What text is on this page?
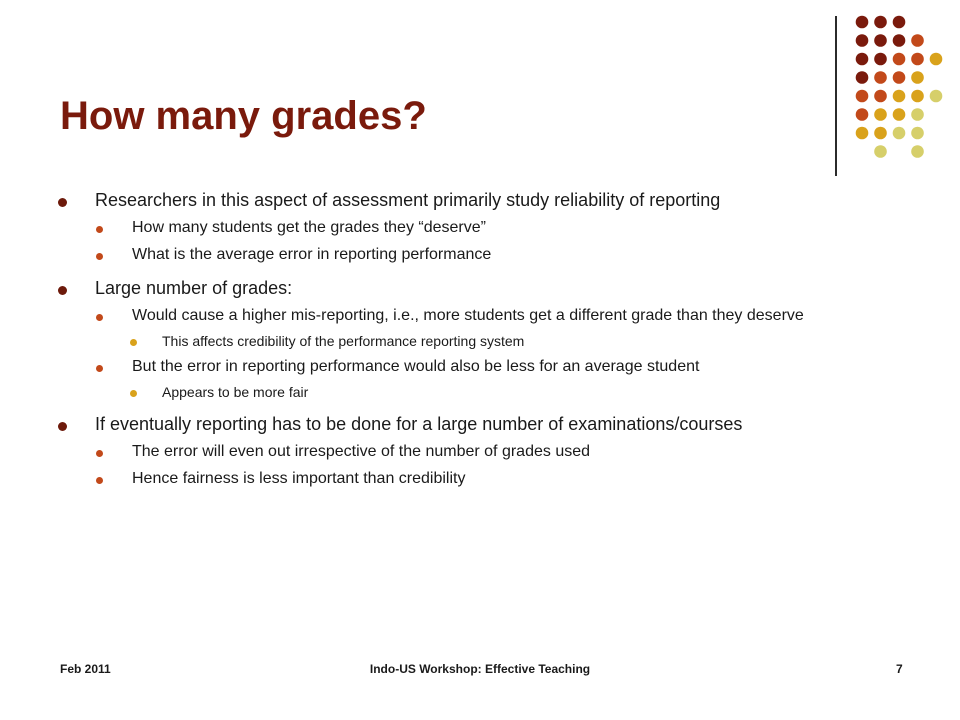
How many grades?
Researchers in this aspect of assessment primarily study reliability of reporting
How many students get the grades they “deserve”
What is the average error in reporting performance
Large number of grades:
Would cause a higher mis-reporting, i.e., more students get a different grade than they deserve
This affects credibility of the performance reporting system
But the error in reporting performance would also be less for an average student
Appears to be more fair
If eventually reporting has to be done for a large number of examinations/courses
The error will even out irrespective of the number of grades used
Hence fairness is less important than credibility
Feb 2011	Indo-US Workshop: Effective Teaching	7
